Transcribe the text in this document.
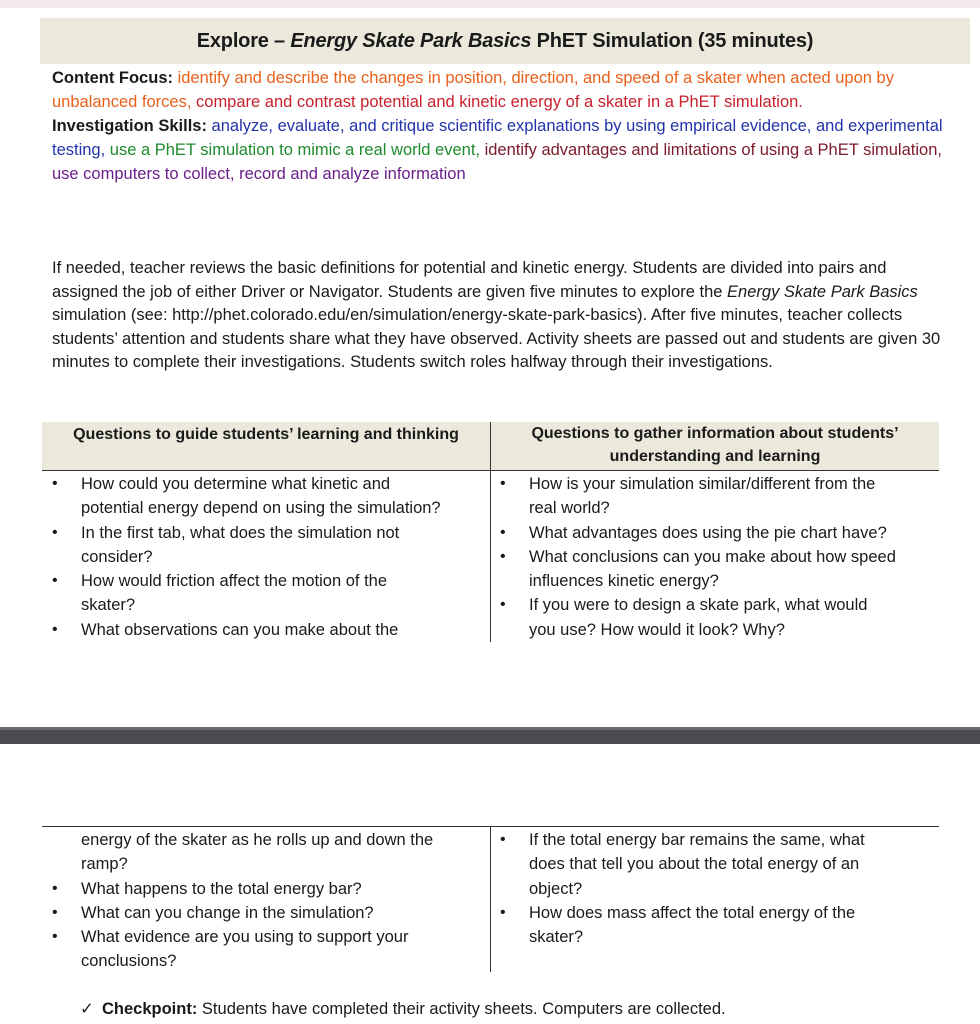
Explore – Energy Skate Park Basics PhET Simulation (35 minutes)
Content Focus: identify and describe the changes in position, direction, and speed of a skater when acted upon by unbalanced forces, compare and contrast potential and kinetic energy of a skater in a PhET simulation.
Investigation Skills: analyze, evaluate, and critique scientific explanations by using empirical evidence, and experimental testing, use a PhET simulation to mimic a real world event, identify advantages and limitations of using a PhET simulation, use computers to collect, record and analyze information
If needed, teacher reviews the basic definitions for potential and kinetic energy. Students are divided into pairs and assigned the job of either Driver or Navigator. Students are given five minutes to explore the Energy Skate Park Basics simulation (see: http://phet.colorado.edu/en/simulation/energy-skate-park-basics). After five minutes, teacher collects students’ attention and students share what they have observed. Activity sheets are passed out and students are given 30 minutes to complete their investigations. Students switch roles halfway through their investigations.
Questions to guide students’ learning and thinking	Questions to gather information about students’
understanding and learning
• How could you determine what kinetic and
potential energy depend on using the simulation?
• In the first tab, what does the simulation not
consider?
• How would friction affect the motion of the
skater?
• What observations can you make about the
• How is your simulation similar/different from the
real world?
• What advantages does using the pie chart have?
• What conclusions can you make about how speed
influences kinetic energy?
• If you were to design a skate park, what would
you use? How would it look? Why?
energy of the skater as he rolls up and down the
ramp?
• What happens to the total energy bar?
• What can you change in the simulation?
• What evidence are you using to support your
conclusions?
• If the total energy bar remains the same, what
does that tell you about the total energy of an
object?
• How does mass affect the total energy of the
skater?
✓ Checkpoint: Students have completed their activity sheets. Computers are collected.
